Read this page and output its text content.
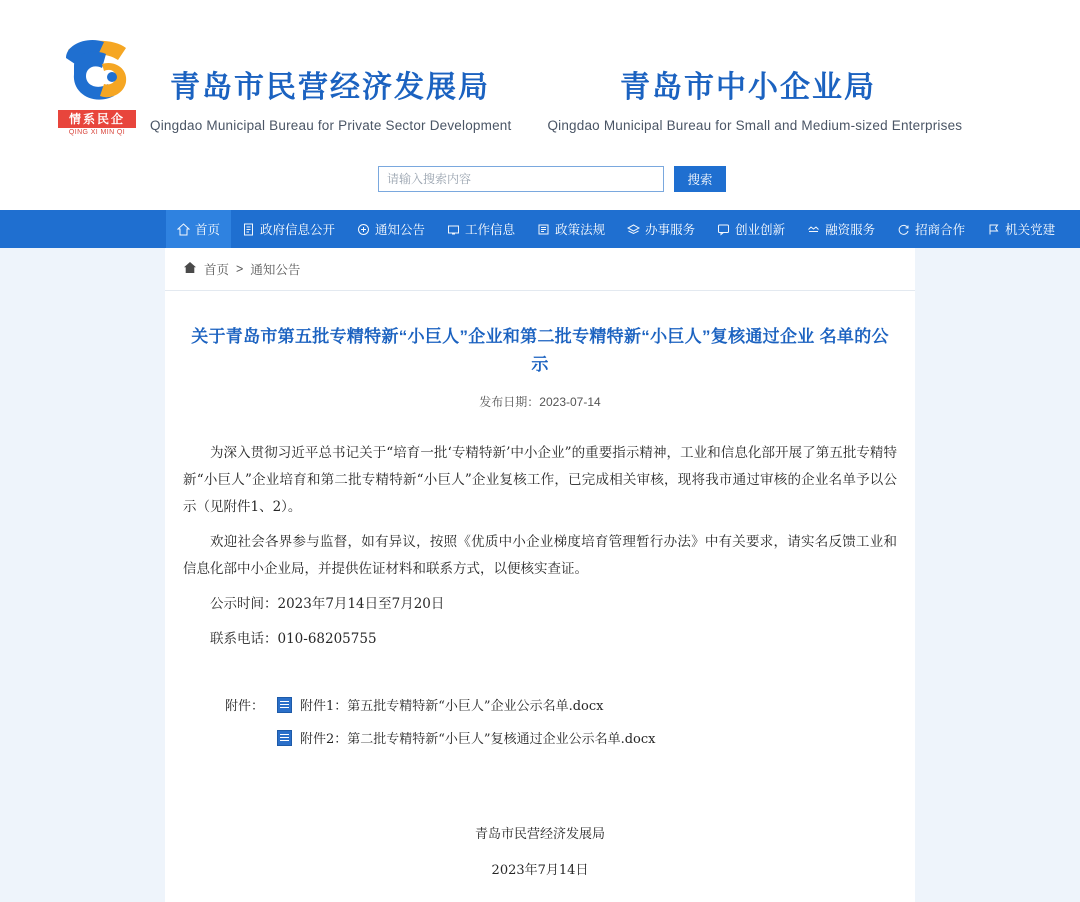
情系民企
QING XI MIN QI
青岛市民营经济发展局	青岛市中小企业局
Qingdao Municipal Bureau for Private Sector Development	Qingdao Municipal Bureau for Small and Medium-sized Enterprises
请输入搜索内容
搜索
首页	政府信息公开	通知公告	工作信息	政策法规	办事服务	创业创新	融资服务	招商合作	机关党建
首页 > 通知公告
关于青岛市第五批专精特新“小巨人”企业和第二批专精特新“小巨人”复核通过企业 名单的公示
发布日期：2023-07-14

为深入贯彻习近平总书记关于“培育一批‘专精特新’中小企业”的重要指示精神，工业和信息化部开展了第五批专精特新“小巨人”企业培育和第二批专精特新“小巨人”企业复核工作，已完成相关审核，现将我市通过审核的企业名单予以公示（见附件1、2）。

欢迎社会各界参与监督，如有异议，按照《优质中小企业梯度培育管理暂行办法》中有关要求，请实名反馈工业和信息化部中小企业局，并提供佐证材料和联系方式，以便核实查证。

公示时间：2023年7月14日至7月20日

联系电话：010-68205755

附件：	附件1：第五批专精特新“小巨人”企业公示名单.docx
附件2：第二批专精特新“小巨人”复核通过企业公示名单.docx
青岛市民营经济发展局
2023年7月14日
